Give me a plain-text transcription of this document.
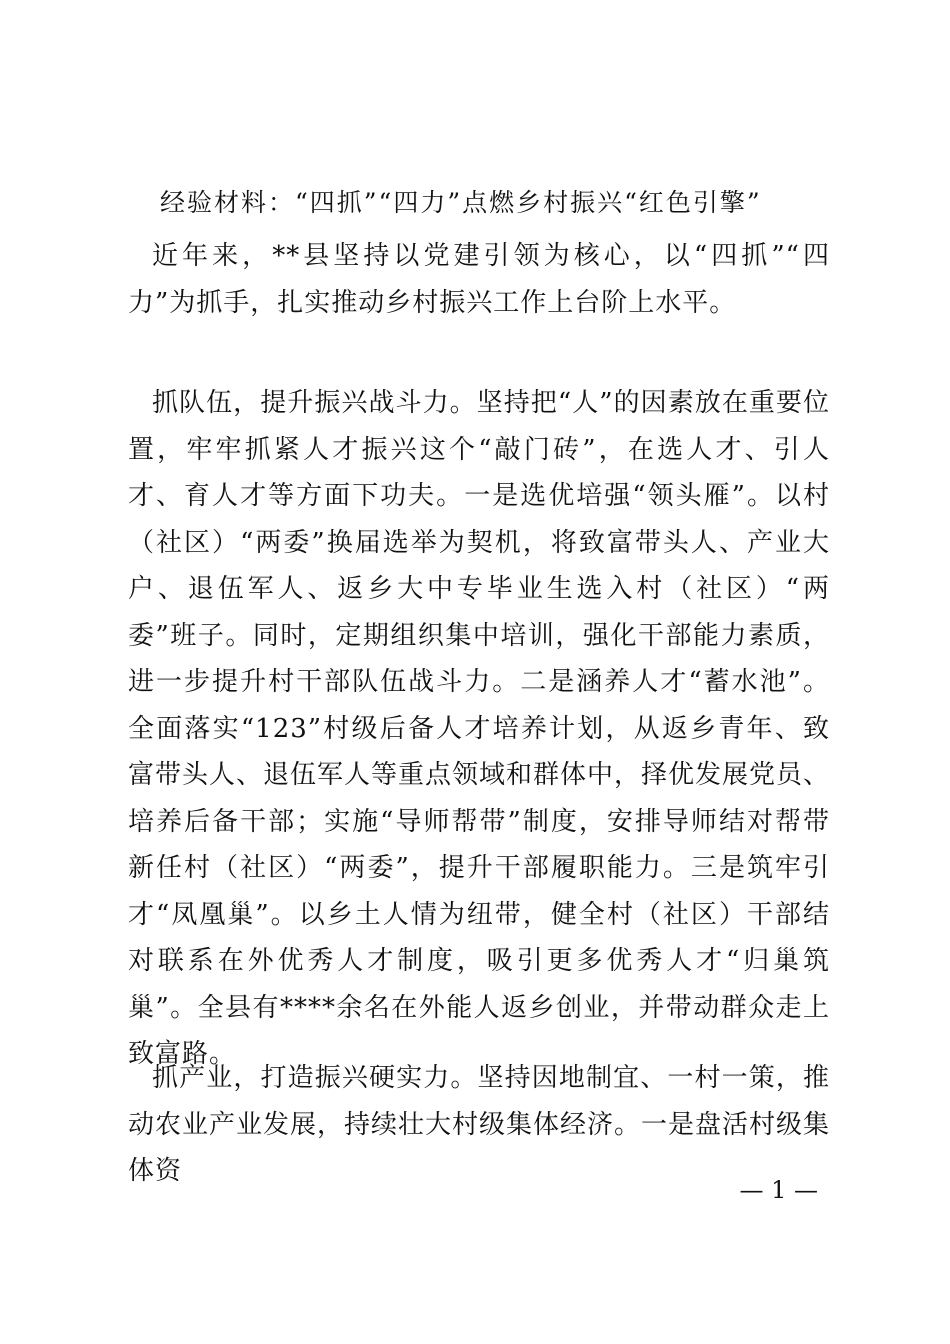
经验材料：“四抓”“四力”点燃乡村振兴“红色引擎”

近年来，**县坚持以党建引领为核心，以“四抓”“四力”为抓手，扎实推动乡村振兴工作上台阶上水平。

抓队伍，提升振兴战斗力。坚持把“人”的因素放在重要位置，牢牢抓紧人才振兴这个“敲门砖”，在选人才、引人才、育人才等方面下功夫。一是选优培强“领头雁”。以村（社区）“两委”换届选举为契机，将致富带头人、产业大户、退伍军人、返乡大中专毕业生选入村（社区）“两委”班子。同时，定期组织集中培训，强化干部能力素质，进一步提升村干部队伍战斗力。二是涵养人才“蓄水池”。全面落实“123”村级后备人才培养计划，从返乡青年、致富带头人、退伍军人等重点领域和群体中，择优发展党员、培养后备干部；实施“导师帮带”制度，安排导师结对帮带新任村（社区）“两委”，提升干部履职能力。三是筑牢引才“凤凰巢”。以乡土人情为纽带，健全村（社区）干部结对联系在外优秀人才制度，吸引更多优秀人才“归巢筑巢”。全县有****余名在外能人返乡创业，并带动群众走上致富路。

抓产业，打造振兴硬实力。坚持因地制宜、一村一策，推动农业产业发展，持续壮大村级集体经济。一是盘活村级集体资

— 1 —
